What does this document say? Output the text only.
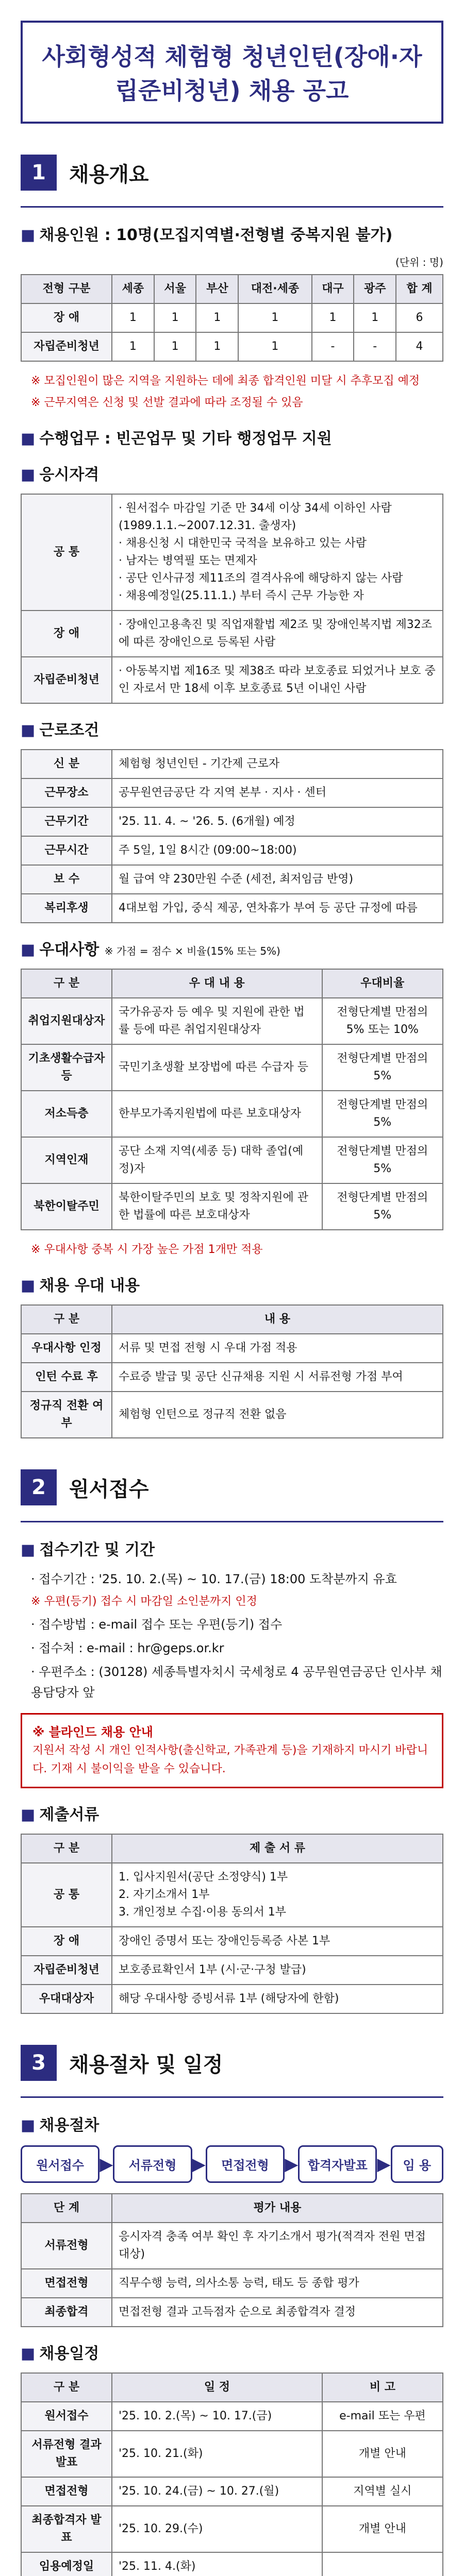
사회형성적 체험형 청년인턴(장애·자립준비청년) 채용 공고
1	채용개요
■ 채용인원 : 10명(모집지역별·전형별 중복지원 불가)
(단위 : 명)
전형 구분	세종	서울	부산	대전·세종	대구	광주	합 계
장 애	1	1	1	1	1	1	6
자립준비청년	1	1	1	1	-	-	4
※ 모집인원이 많은 지역을 지원하는 데에 최종 합격인원 미달 시 추후모집 예정
※ 근무지역은 신청 및 선발 결과에 따라 조정될 수 있음
■ 수행업무 : 빈곤업무 및 기타 행정업무 지원
■ 응시자격
공 통	· 원서접수 마감일 기준 만 34세 이상 34세 이하인 사람(1989.1.1.~2007.12.31. 출생자)
· 채용신청 시 대한민국 국적을 보유하고 있는 사람
· 남자는 병역필 또는 면제자
· 공단 인사규정 제11조의 결격사유에 해당하지 않는 사람
· 채용예정일(25.11.1.) 부터 즉시 근무 가능한 자
장 애	· 장애인고용촉진 및 직업재활법 제2조 및 장애인복지법 제32조에 따른 장애인으로 등록된 사람
자립준비청년	· 아동복지법 제16조 및 제38조 따라 보호종료 되었거나 보호 중인 자로서 만 18세 이후 보호종료 5년 이내인 사람
■ 근로조건
신 분	체험형 청년인턴 - 기간제 근로자
근무장소	공무원연금공단 각 지역 본부 · 지사 · 센터
근무기간	'25. 11. 4. ~ '26. 5. (6개월) 예정
근무시간	주 5일, 1일 8시간 (09:00~18:00)
보 수	월 급여 약 230만원 수준 (세전, 최저임금 반영)
복리후생	4대보험 가입, 중식 제공, 연차휴가 부여 등 공단 규정에 따름
■ 우대사항 ※ 가점 = 점수 × 비율(15% 또는 5%)
구 분	우 대 내 용	우대비율
취업지원대상자	국가유공자 등 예우 및 지원에 관한 법률 등에 따른 취업지원대상자	전형단계별 만점의 5% 또는 10%
기초생활수급자 등	국민기초생활 보장법에 따른 수급자 등	전형단계별 만점의 5%
저소득층	한부모가족지원법에 따른 보호대상자	전형단계별 만점의 5%
지역인재	공단 소재 지역(세종 등) 대학 졸업(예정)자	전형단계별 만점의 5%
북한이탈주민	북한이탈주민의 보호 및 정착지원에 관한 법률에 따른 보호대상자	전형단계별 만점의 5%
※ 우대사항 중복 시 가장 높은 가점 1개만 적용
■ 채용 우대 내용
구 분	내 용
우대사항 인정	서류 및 면접 전형 시 우대 가점 적용
인턴 수료 후	수료증 발급 및 공단 신규채용 지원 시 서류전형 가점 부여
정규직 전환 여부	체험형 인턴으로 정규직 전환 없음
2	원서접수
■ 접수기간 및 기간
· 접수기간 : '25. 10. 2.(목) ~ 10. 17.(금) 18:00 도착분까지 유효
※ 우편(등기) 접수 시 마감일 소인분까지 인정
· 접수방법 : e-mail 접수 또는 우편(등기) 접수
· 접수처 : e-mail : hr@geps.or.kr
· 우편주소 : (30128) 세종특별자치시 국세청로 4 공무원연금공단 인사부 채용담당자 앞
※ 블라인드 채용 안내
지원서 작성 시 개인 인적사항(출신학교, 가족관계 등)을 기재하지 마시기 바랍니다. 기재 시 불이익을 받을 수 있습니다.
■ 제출서류
구 분	제 출 서 류
공 통	1. 입사지원서(공단 소정양식) 1부
2. 자기소개서 1부
3. 개인정보 수집·이용 동의서 1부
장 애	장애인 증명서 또는 장애인등록증 사본 1부
자립준비청년	보호종료확인서 1부 (시·군·구청 발급)
우대대상자	해당 우대사항 증빙서류 1부 (해당자에 한함)
3	채용절차 및 일정
■ 채용절차
원서접수 ▶	서류전형 ▶	면접전형 ▶ 합격자발표 ▶ 임 용
단 계	평가 내용
서류전형	응시자격 충족 여부 확인 후 자기소개서 평가(적격자 전원 면접 대상)
면접전형	직무수행 능력, 의사소통 능력, 태도 등 종합 평가
최종합격	면접전형 결과 고득점자 순으로 최종합격자 결정
■ 채용일정
구 분	일 정	비 고
원서접수	'25. 10. 2.(목) ~ 10. 17.(금)	e-mail 또는 우편
서류전형 결과발표	'25. 10. 21.(화)	개별 안내
면접전형	'25. 10. 24.(금) ~ 10. 27.(월)	지역별 실시
최종합격자 발표	'25. 10. 29.(수)	개별 안내
임용예정일	'25. 11. 4.(화)	
